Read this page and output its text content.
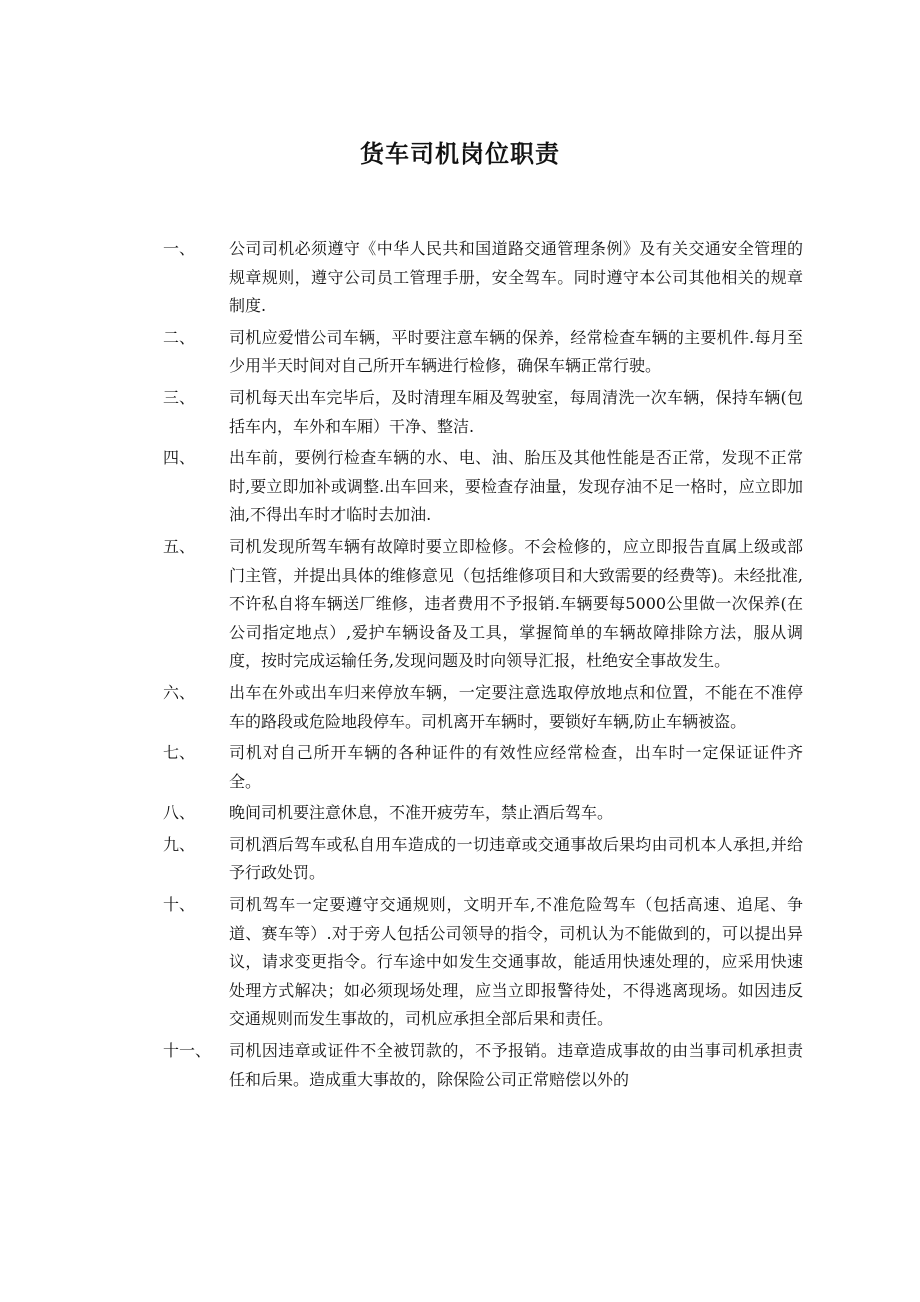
货车司机岗位职责
一、	公司司机必须遵守《中华人民共和国道路交通管理条例》及有关交通安全管理的规章规则，遵守公司员工管理手册，安全驾车。同时遵守本公司其他相关的规章制度.
二、	司机应爱惜公司车辆，平时要注意车辆的保养，经常检查车辆的主要机件.每月至少用半天时间对自己所开车辆进行检修，确保车辆正常行驶。
三、	司机每天出车完毕后，及时清理车厢及驾驶室，每周清洗一次车辆，保持车辆(包括车内，车外和车厢）干净、整洁.
四、	出车前，要例行检查车辆的水、电、油、胎压及其他性能是否正常，发现不正常时,要立即加补或调整.出车回来，要检查存油量，发现存油不足一格时，应立即加油,不得出车时才临时去加油.
五、	司机发现所驾车辆有故障时要立即检修。不会检修的，应立即报告直属上级或部门主管，并提出具体的维修意见（包括维修项目和大致需要的经费等)。未经批准,不许私自将车辆送厂维修，违者费用不予报销.车辆要每5000公里做一次保养(在公司指定地点）,爱护车辆设备及工具，掌握简单的车辆故障排除方法，服从调度，按时完成运输任务,发现问题及时向领导汇报，杜绝安全事故发生。
六、	出车在外或出车归来停放车辆，一定要注意选取停放地点和位置，不能在不准停车的路段或危险地段停车。司机离开车辆时，要锁好车辆,防止车辆被盗。
七、	司机对自己所开车辆的各种证件的有效性应经常检查，出车时一定保证证件齐全。
八、	晚间司机要注意休息，不准开疲劳车，禁止酒后驾车。
九、	司机酒后驾车或私自用车造成的一切违章或交通事故后果均由司机本人承担,并给予行政处罚。
十、	司机驾车一定要遵守交通规则，文明开车,不准危险驾车（包括高速、追尾、争道、赛车等）.对于旁人包括公司领导的指令，司机认为不能做到的，可以提出异议，请求变更指令。行车途中如发生交通事故，能适用快速处理的，应采用快速处理方式解决；如必须现场处理，应当立即报警待处，不得逃离现场。如因违反交通规则而发生事故的，司机应承担全部后果和责任。
十一、	司机因违章或证件不全被罚款的，不予报销。违章造成事故的由当事司机承担责任和后果。造成重大事故的，除保险公司正常赔偿以外的
